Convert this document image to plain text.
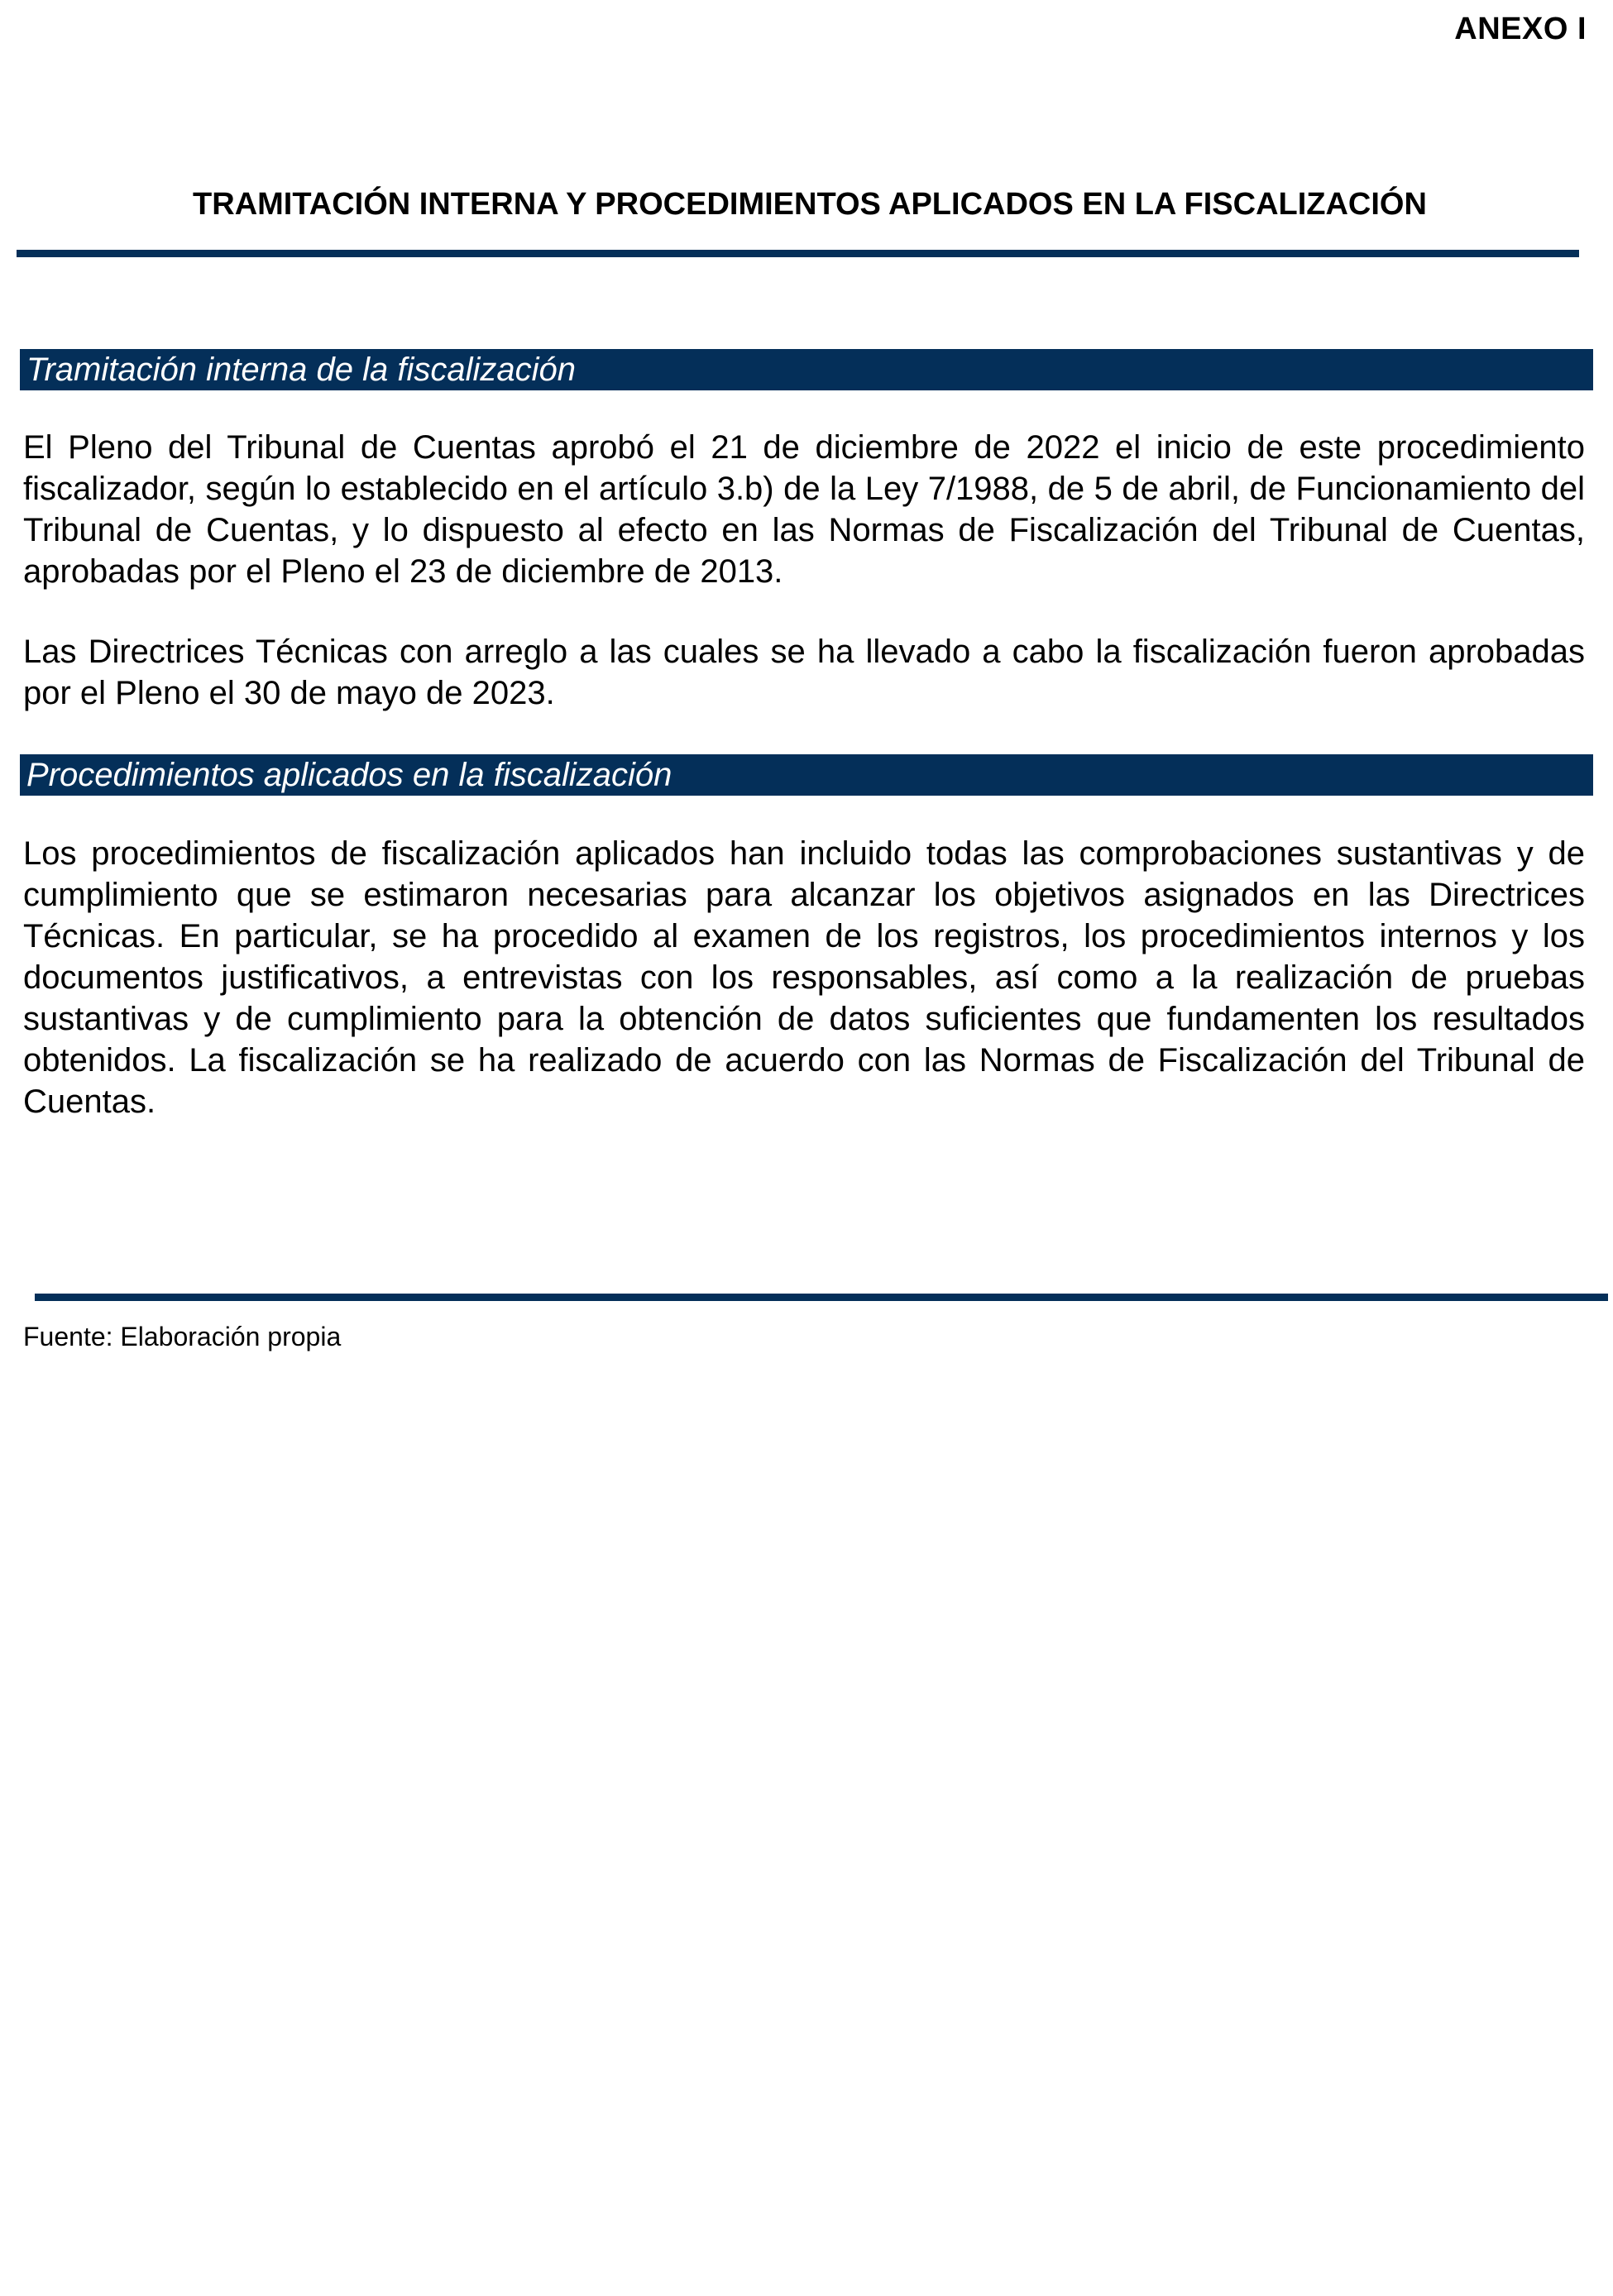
ANEXO I
TRAMITACIÓN INTERNA Y PROCEDIMIENTOS APLICADOS EN LA FISCALIZACIÓN
Tramitación interna de la fiscalización

El Pleno del Tribunal de Cuentas aprobó el 21 de diciembre de 2022 el inicio de este procedimiento fiscalizador, según lo establecido en el artículo 3.b) de la Ley 7/1988, de 5 de abril, de Funcionamiento del Tribunal de Cuentas, y lo dispuesto al efecto en las Normas de Fiscalización del Tribunal de Cuentas, aprobadas por el Pleno el 23 de diciembre de 2013.

Las Directrices Técnicas con arreglo a las cuales se ha llevado a cabo la fiscalización fueron aprobadas por el Pleno el 30 de mayo de 2023.

Procedimientos aplicados en la fiscalización

Los procedimientos de fiscalización aplicados han incluido todas las comprobaciones sustantivas y de cumplimiento que se estimaron necesarias para alcanzar los objetivos asignados en las Directrices Técnicas. En particular, se ha procedido al examen de los registros, los procedimientos internos y los documentos justificativos, a entrevistas con los responsables, así como a la realización de pruebas sustantivas y de cumplimiento para la obtención de datos suficientes que fundamenten los resultados obtenidos. La fiscalización se ha realizado de acuerdo con las Normas de Fiscalización del Tribunal de Cuentas.

Fuente: Elaboración propia
